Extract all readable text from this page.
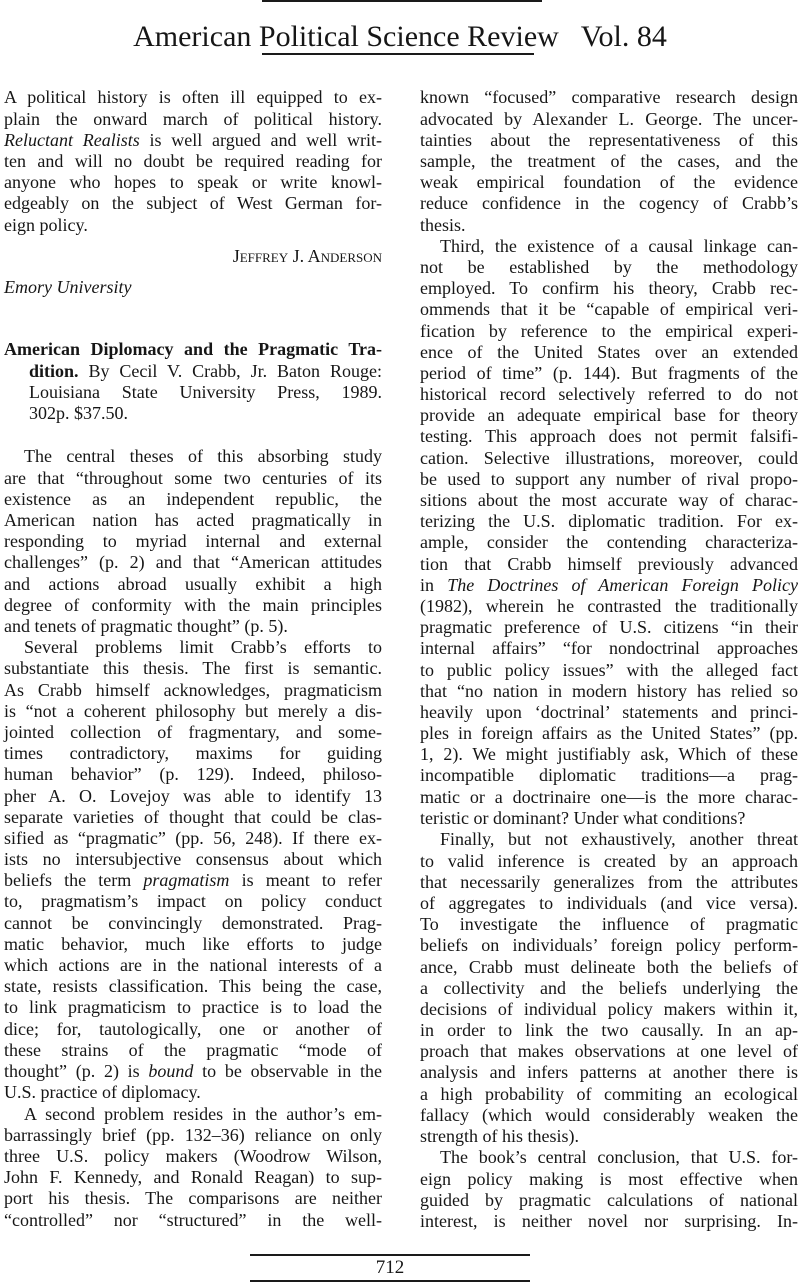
American Political Science Review   Vol. 84
A political history is often ill equipped to ex-
plain the onward march of political history.
Reluctant Realists is well argued and well writ-
ten and will no doubt be required reading for
anyone who hopes to speak or write knowl-
edgeably on the subject of West German for-
eign policy.
Jeffrey J. Anderson
Emory University
American Diplomacy and the Pragmatic Tra-
dition. By Cecil V. Crabb, Jr. Baton Rouge:
Louisiana State University Press, 1989.
302p. $37.50.
The central theses of this absorbing study
are that “throughout some two centuries of its
existence as an independent republic, the
American nation has acted pragmatically in
responding to myriad internal and external
challenges” (p. 2) and that “American attitudes
and actions abroad usually exhibit a high
degree of conformity with the main principles
and tenets of pragmatic thought” (p. 5).
Several problems limit Crabb’s efforts to
substantiate this thesis. The first is semantic.
As Crabb himself acknowledges, pragmaticism
is “not a coherent philosophy but merely a dis-
jointed collection of fragmentary, and some-
times contradictory, maxims for guiding
human behavior” (p. 129). Indeed, philoso-
pher A. O. Lovejoy was able to identify 13
separate varieties of thought that could be clas-
sified as “pragmatic” (pp. 56, 248). If there ex-
ists no intersubjective consensus about which
beliefs the term pragmatism is meant to refer
to, pragmatism’s impact on policy conduct
cannot be convincingly demonstrated. Prag-
matic behavior, much like efforts to judge
which actions are in the national interests of a
state, resists classification. This being the case,
to link pragmaticism to practice is to load the
dice; for, tautologically, one or another of
these strains of the pragmatic “mode of
thought” (p. 2) is bound to be observable in the
U.S. practice of diplomacy.
A second problem resides in the author’s em-
barrassingly brief (pp. 132–36) reliance on only
three U.S. policy makers (Woodrow Wilson,
John F. Kennedy, and Ronald Reagan) to sup-
port his thesis. The comparisons are neither
“controlled” nor “structured” in the well-
known “focused” comparative research design
advocated by Alexander L. George. The uncer-
tainties about the representativeness of this
sample, the treatment of the cases, and the
weak empirical foundation of the evidence
reduce confidence in the cogency of Crabb’s
thesis.
Third, the existence of a causal linkage can-
not be established by the methodology
employed. To confirm his theory, Crabb rec-
ommends that it be “capable of empirical veri-
fication by reference to the empirical experi-
ence of the United States over an extended
period of time” (p. 144). But fragments of the
historical record selectively referred to do not
provide an adequate empirical base for theory
testing. This approach does not permit falsifi-
cation. Selective illustrations, moreover, could
be used to support any number of rival propo-
sitions about the most accurate way of charac-
terizing the U.S. diplomatic tradition. For ex-
ample, consider the contending characteriza-
tion that Crabb himself previously advanced
in The Doctrines of American Foreign Policy
(1982), wherein he contrasted the traditionally
pragmatic preference of U.S. citizens “in their
internal affairs” “for nondoctrinal approaches
to public policy issues” with the alleged fact
that “no nation in modern history has relied so
heavily upon ‘doctrinal’ statements and princi-
ples in foreign affairs as the United States” (pp.
1, 2). We might justifiably ask, Which of these
incompatible diplomatic traditions—a prag-
matic or a doctrinaire one—is the more charac-
teristic or dominant? Under what conditions?
Finally, but not exhaustively, another threat
to valid inference is created by an approach
that necessarily generalizes from the attributes
of aggregates to individuals (and vice versa).
To investigate the influence of pragmatic
beliefs on individuals’ foreign policy perform-
ance, Crabb must delineate both the beliefs of
a collectivity and the beliefs underlying the
decisions of individual policy makers within it,
in order to link the two causally. In an ap-
proach that makes observations at one level of
analysis and infers patterns at another there is
a high probability of commiting an ecological
fallacy (which would considerably weaken the
strength of his thesis).
The book’s central conclusion, that U.S. for-
eign policy making is most effective when
guided by pragmatic calculations of national
interest, is neither novel nor surprising. In-
712
